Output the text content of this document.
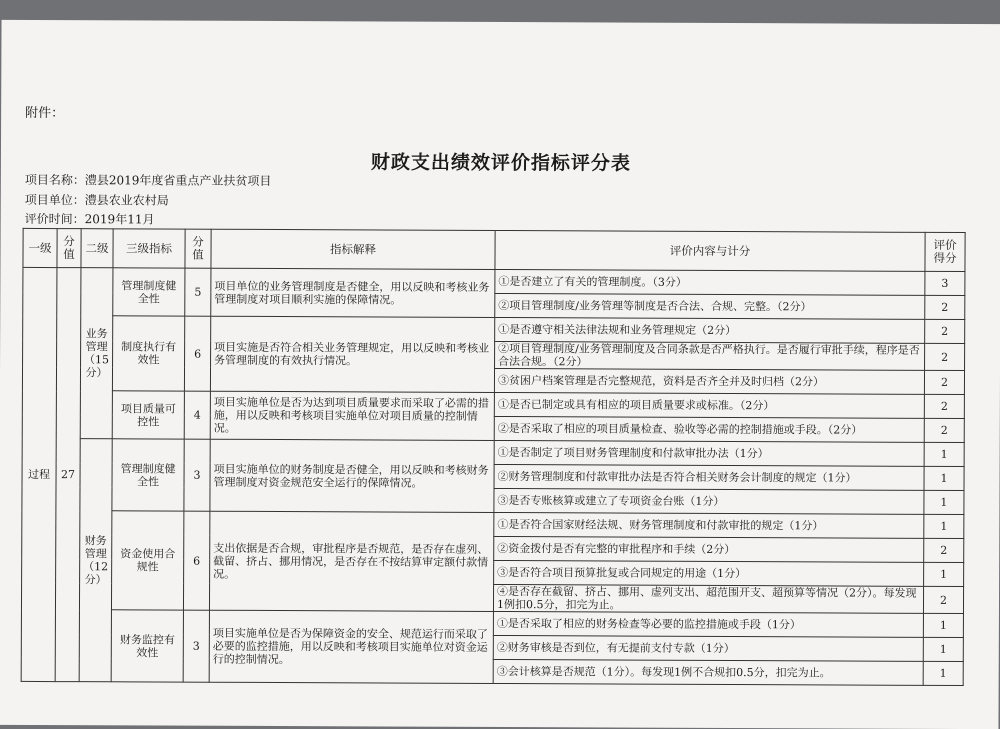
附件：
财政支出绩效评价指标评分表
项目名称：澧县2019年度省重点产业扶贫项目
项目单位：澧县农业农村局
评价时间：2019年11月
一级	分值	二级	三级指标	分值	指标解释	评价内容与计分	评价得分
过程	27	业务管理（15分）	管理制度健全性	5	项目单位的业务管理制度是否健全，用以反映和考核业务管理制度对项目顺利实施的保障情况。	①是否建立了有关的管理制度。（3分）	3
						②项目管理制度/业务管理等制度是否合法、合规、完整。（2分）	2
			制度执行有效性	6	项目实施是否符合相关业务管理规定，用以反映和考核业务管理制度的有效执行情况。	①是否遵守相关法律法规和业务管理规定（2分）	2
						②项目管理制度/业务管理制度及合同条款是否严格执行。是否履行审批手续，程序是否合法合规。（2分）	2
						③贫困户档案管理是否完整规范，资料是否齐全并及时归档（2分）	2
			项目质量可控性	4	项目实施单位是否为达到项目质量要求而采取了必需的措施，用以反映和考核项目实施单位对项目质量的控制情况。	①是否已制定或具有相应的项目质量要求或标准。（2分）	2
						②是否采取了相应的项目质量检查、验收等必需的控制措施或手段。（2分）	2
		财务管理（12分）	管理制度健全性	3	项目实施单位的财务制度是否健全，用以反映和考核财务管理制度对资金规范安全运行的保障情况。	①是否制定了项目财务管理制度和付款审批办法（1分）	1
						②财务管理制度和付款审批办法是否符合相关财务会计制度的规定（1分）	1
						③是否专账核算或建立了专项资金台账（1分）	1
			资金使用合规性	6	支出依据是否合规，审批程序是否规范，是否存在虚列、截留、挤占、挪用情况，是否存在不按结算审定额付款情况。	①是否符合国家财经法规、财务管理制度和付款审批的规定（1分）	1
						②资金拨付是否有完整的审批程序和手续（2分）	2
						③是否符合项目预算批复或合同规定的用途（1分）	1
						④是否存在截留、挤占、挪用、虚列支出、超范围开支、超预算等情况（2分）。每发现1例扣0.5分，扣完为止。	2
			财务监控有效性	3	项目实施单位是否为保障资金的安全、规范运行而采取了必要的监控措施，用以反映和考核项目实施单位对资金运行的控制情况。	①是否采取了相应的财务检查等必要的监控措施或手段（1分）	1
						②财务审核是否到位，有无提前支付专款（1分）	1
						③会计核算是否规范（1分）。每发现1例不合规扣0.5分，扣完为止。	1
